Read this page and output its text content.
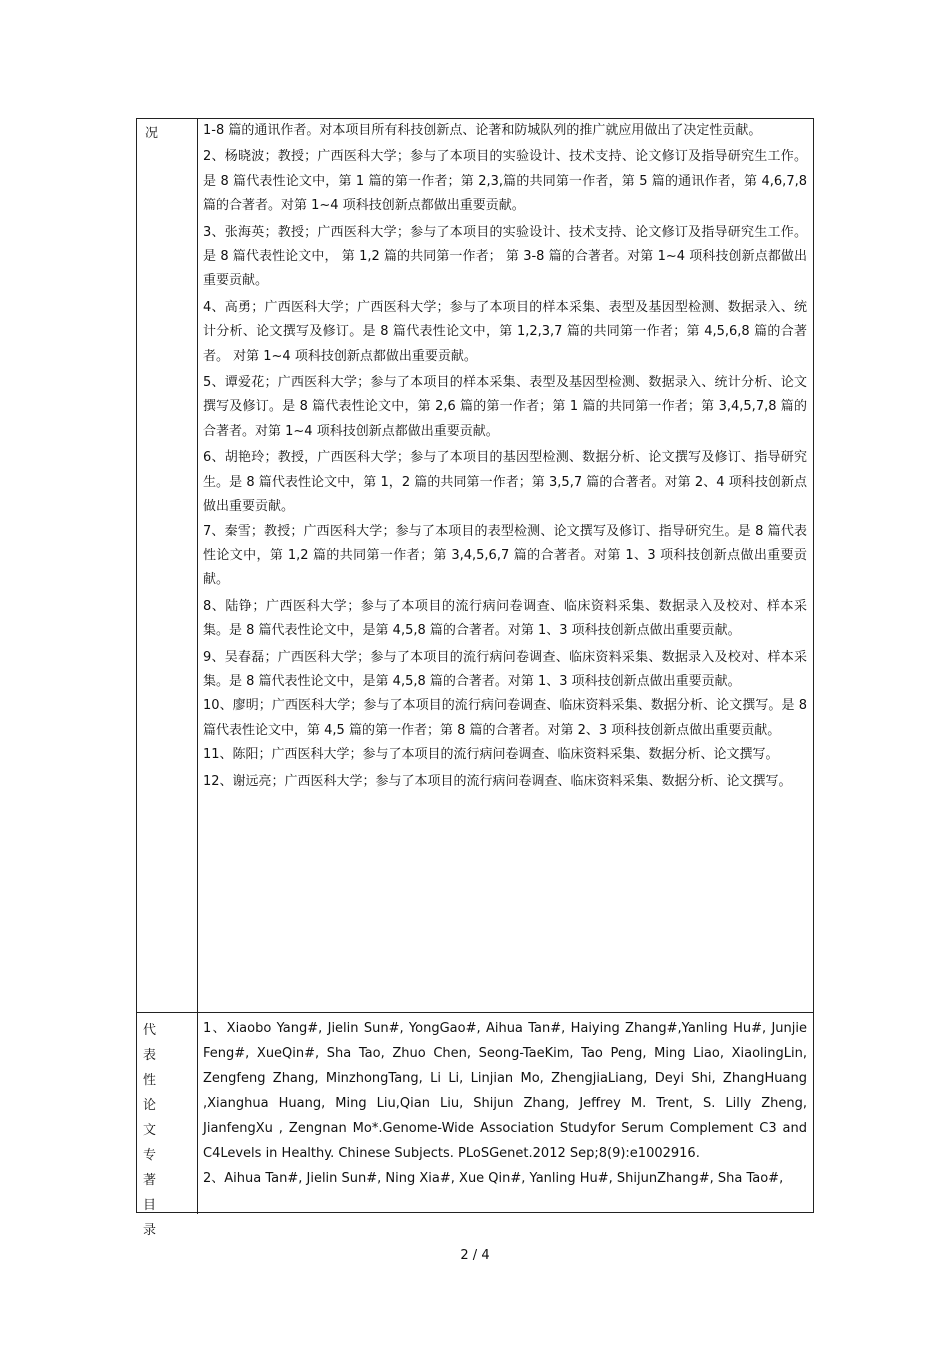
况	1-8 篇的通讯作者。对本项目所有科技创新点、论著和防城队列的推广就应用做出了决定性贡献。

2、杨晓波；教授；广西医科大学；参与了本项目的实验设计、技术支持、论文修订及指导研究生工作。是 8 篇代表性论文中，第 1 篇的第一作者；第 2,3,篇的共同第一作者，第 5 篇的通讯作者，第 4,6,7,8 篇的合著者。对第 1~4 项科技创新点都做出重要贡献。

3、张海英；教授；广西医科大学；参与了本项目的实验设计、技术支持、论文修订及指导研究生工作。 是 8 篇代表性论文中， 第 1,2 篇的共同第一作者； 第 3-8 篇的合著者。对第 1~4 项科技创新点都做出重要贡献。

4、高勇；广西医科大学；广西医科大学；参与了本项目的样本采集、表型及基因型检测、数据录入、统计分析、论文撰写及修订。是 8 篇代表性论文中，第 1,2,3,7 篇的共同第一作者；第 4,5,6,8 篇的合著者。 对第 1~4 项科技创新点都做出重要贡献。

5、谭爱花；广西医科大学；参与了本项目的样本采集、表型及基因型检测、数据录入、统计分析、论文撰写及修订。是 8 篇代表性论文中，第 2,6 篇的第一作者；第 1 篇的共同第一作者；第 3,4,5,7,8 篇的合著者。对第 1~4 项科技创新点都做出重要贡献。

6、胡艳玲；教授，广西医科大学；参与了本项目的基因型检测、数据分析、论文撰写及修订、指导研究生。是 8 篇代表性论文中，第 1，2 篇的共同第一作者；第 3,5,7 篇的合著者。对第 2、4 项科技创新点做出重要贡献。

7、秦雪；教授；广西医科大学；参与了本项目的表型检测、论文撰写及修订、指导研究生。是 8 篇代表性论文中，第 1,2 篇的共同第一作者；第 3,4,5,6,7 篇的合著者。对第 1、3 项科技创新点做出重要贡献。

8、陆铮；广西医科大学；参与了本项目的流行病问卷调查、临床资料采集、数据录入及校对、样本采集。是 8 篇代表性论文中，是第 4,5,8 篇的合著者。对第 1、3 项科技创新点做出重要贡献。

9、吴春磊；广西医科大学；参与了本项目的流行病问卷调查、临床资料采集、数据录入及校对、样本采集。是 8 篇代表性论文中，是第 4,5,8 篇的合著者。对第 1、3 项科技创新点做出重要贡献。

10、廖明；广西医科大学；参与了本项目的流行病问卷调查、临床资料采集、数据分析、论文撰写。是 8 篇代表性论文中，第 4,5 篇的第一作者；第 8 篇的合著者。对第 2、3 项科技创新点做出重要贡献。

11、陈阳；广西医科大学；参与了本项目的流行病问卷调查、临床资料采集、数据分析、论文撰写。

12、谢远亮；广西医科大学；参与了本项目的流行病问卷调查、临床资料采集、数据分析、论文撰写。

代表性论文专著目录

1、Xiaobo Yang#, Jielin Sun#, YongGao#, Aihua Tan#, Haiying Zhang#,Yanling Hu#, Junjie Feng#, XueQin#, Sha Tao, Zhuo Chen, Seong-TaeKim, Tao Peng, Ming Liao, XiaolingLin, Zengfeng Zhang, MinzhongTang, Li Li, Linjian Mo, ZhengjiaLiang, Deyi Shi, ZhangHuang ,Xianghua Huang, Ming Liu,Qian Liu, Shijun Zhang, Jeffrey M. Trent, S. Lilly Zheng, JianfengXu , Zengnan Mo*.Genome-Wide Association Studyfor Serum Complement C3 and C4Levels in Healthy. Chinese Subjects. PLoSGenet.2012 Sep;8(9):e1002916.

2、Aihua Tan#, Jielin Sun#, Ning Xia#, Xue Qin#, Yanling Hu#, ShijunZhang#, Sha Tao#,

2 / 4
